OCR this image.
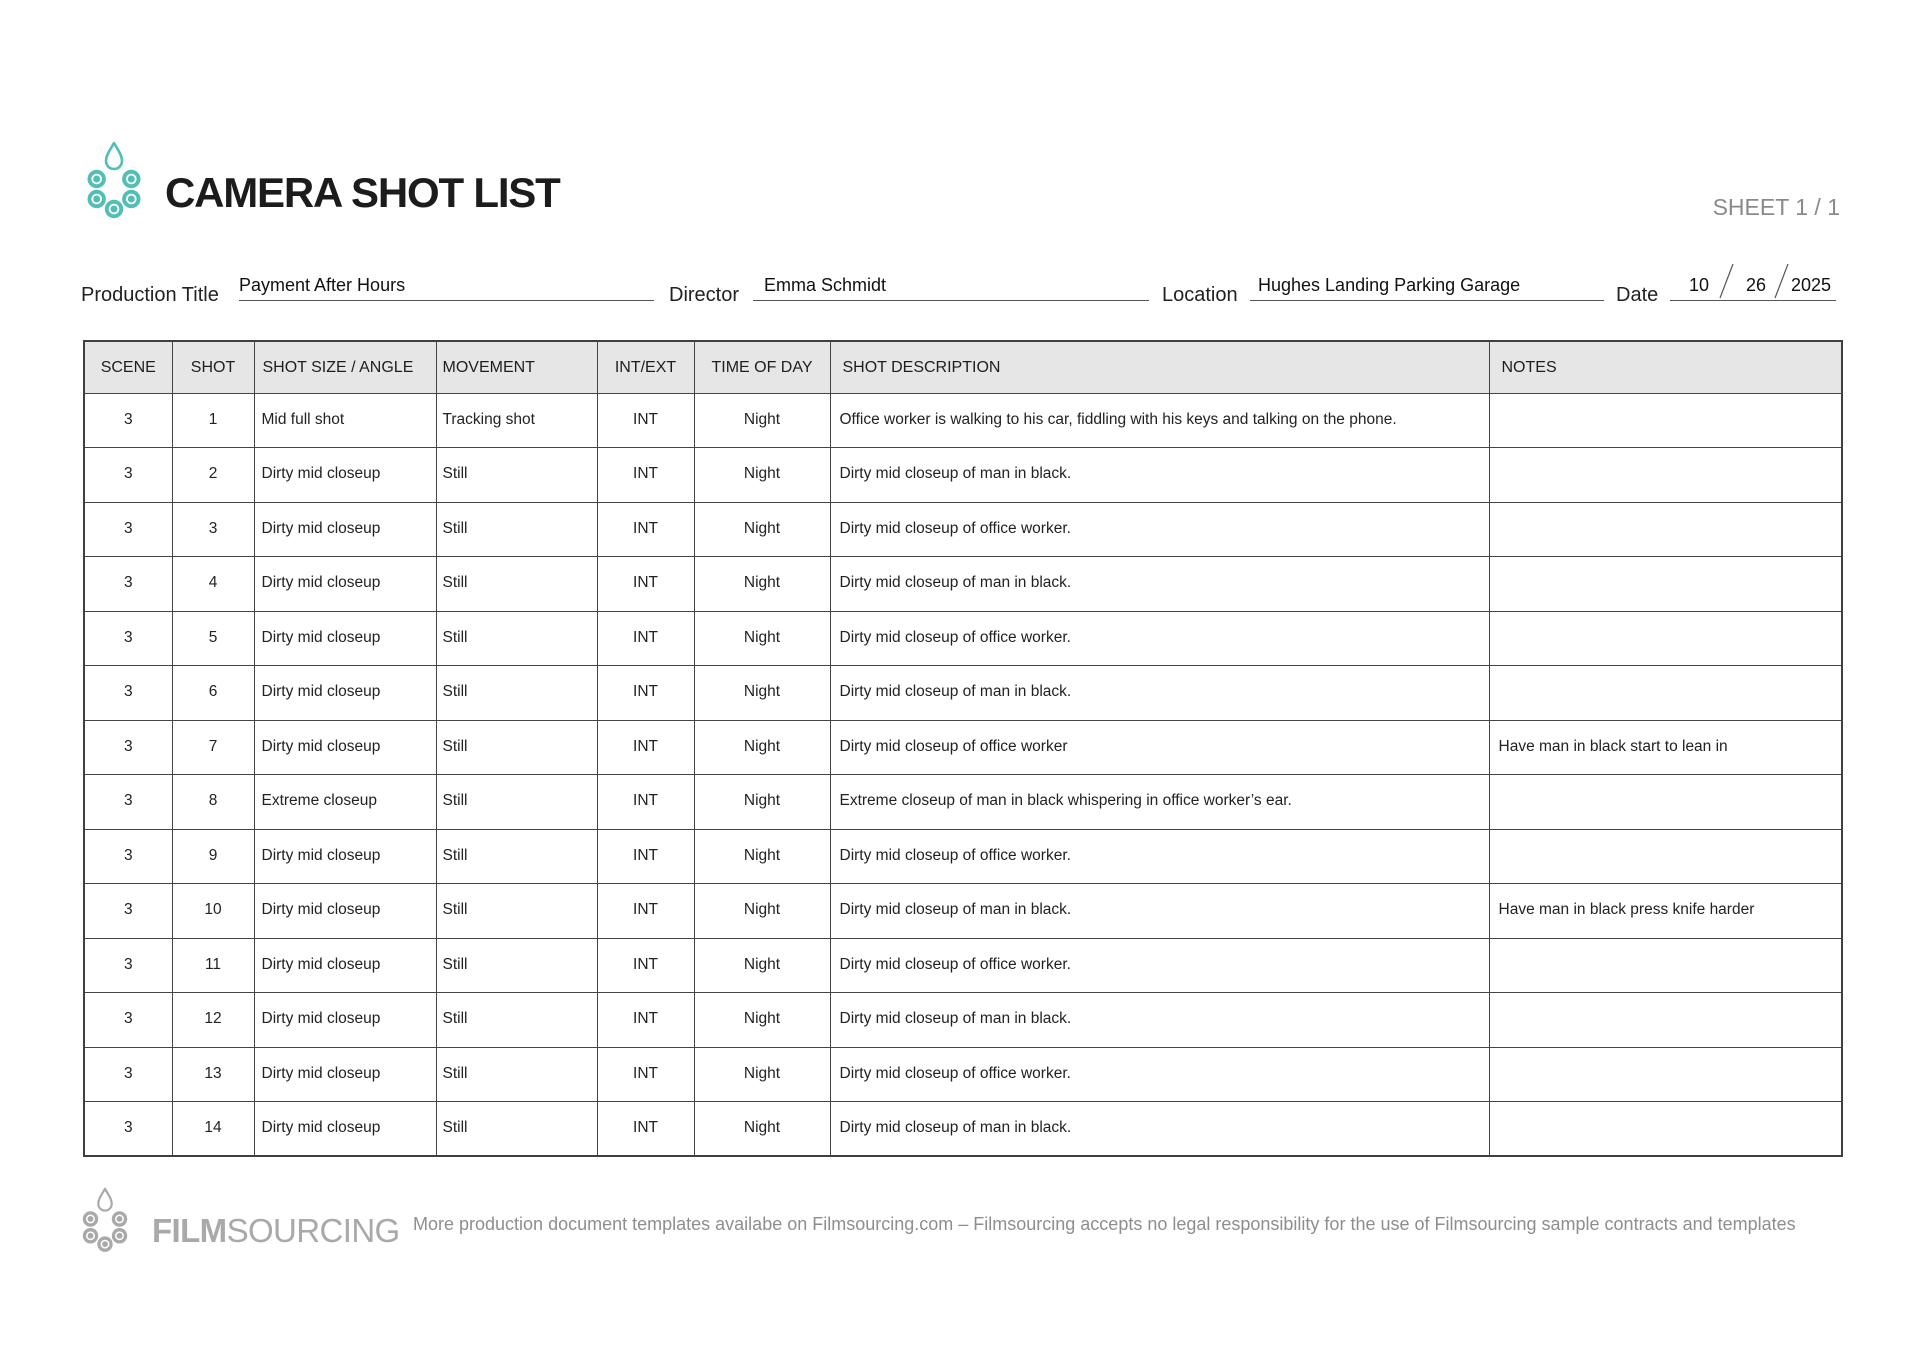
CAMERA SHOT LIST	SHEET 1 / 1
Production Title Payment After Hours	Director Emma Schmidt	Location Hughes Landing Parking Garage	Date 10 26 2025
SCENE	SHOT	SHOT SIZE / ANGLE	MOVEMENT	INT/EXT	TIME OF DAY	SHOT DESCRIPTION	NOTES
3	1	Mid full shot	Tracking shot	INT	Night	Office worker is walking to his car, fiddling with his keys and talking on the phone.	
3	2	Dirty mid closeup	Still	INT	Night	Dirty mid closeup of man in black.	
3	3	Dirty mid closeup	Still	INT	Night	Dirty mid closeup of office worker.	
3	4	Dirty mid closeup	Still	INT	Night	Dirty mid closeup of man in black.	
3	5	Dirty mid closeup	Still	INT	Night	Dirty mid closeup of office worker.	
3	6	Dirty mid closeup	Still	INT	Night	Dirty mid closeup of man in black.	
3	7	Dirty mid closeup	Still	INT	Night	Dirty mid closeup of office worker	Have man in black start to lean in
3	8	Extreme closeup	Still	INT	Night	Extreme closeup of man in black whispering in office worker’s ear.	
3	9	Dirty mid closeup	Still	INT	Night	Dirty mid closeup of office worker.	
3	10	Dirty mid closeup	Still	INT	Night	Dirty mid closeup of man in black.	Have man in black press knife harder
3	11	Dirty mid closeup	Still	INT	Night	Dirty mid closeup of office worker.	
3	12	Dirty mid closeup	Still	INT	Night	Dirty mid closeup of man in black.	
3	13	Dirty mid closeup	Still	INT	Night	Dirty mid closeup of office worker.	
3	14	Dirty mid closeup	Still	INT	Night	Dirty mid closeup of man in black.	
FILMSOURCING More production document templates availabe on Filmsourcing.com – Filmsourcing accepts no legal responsibility for the use of Filmsourcing sample contracts and templates
